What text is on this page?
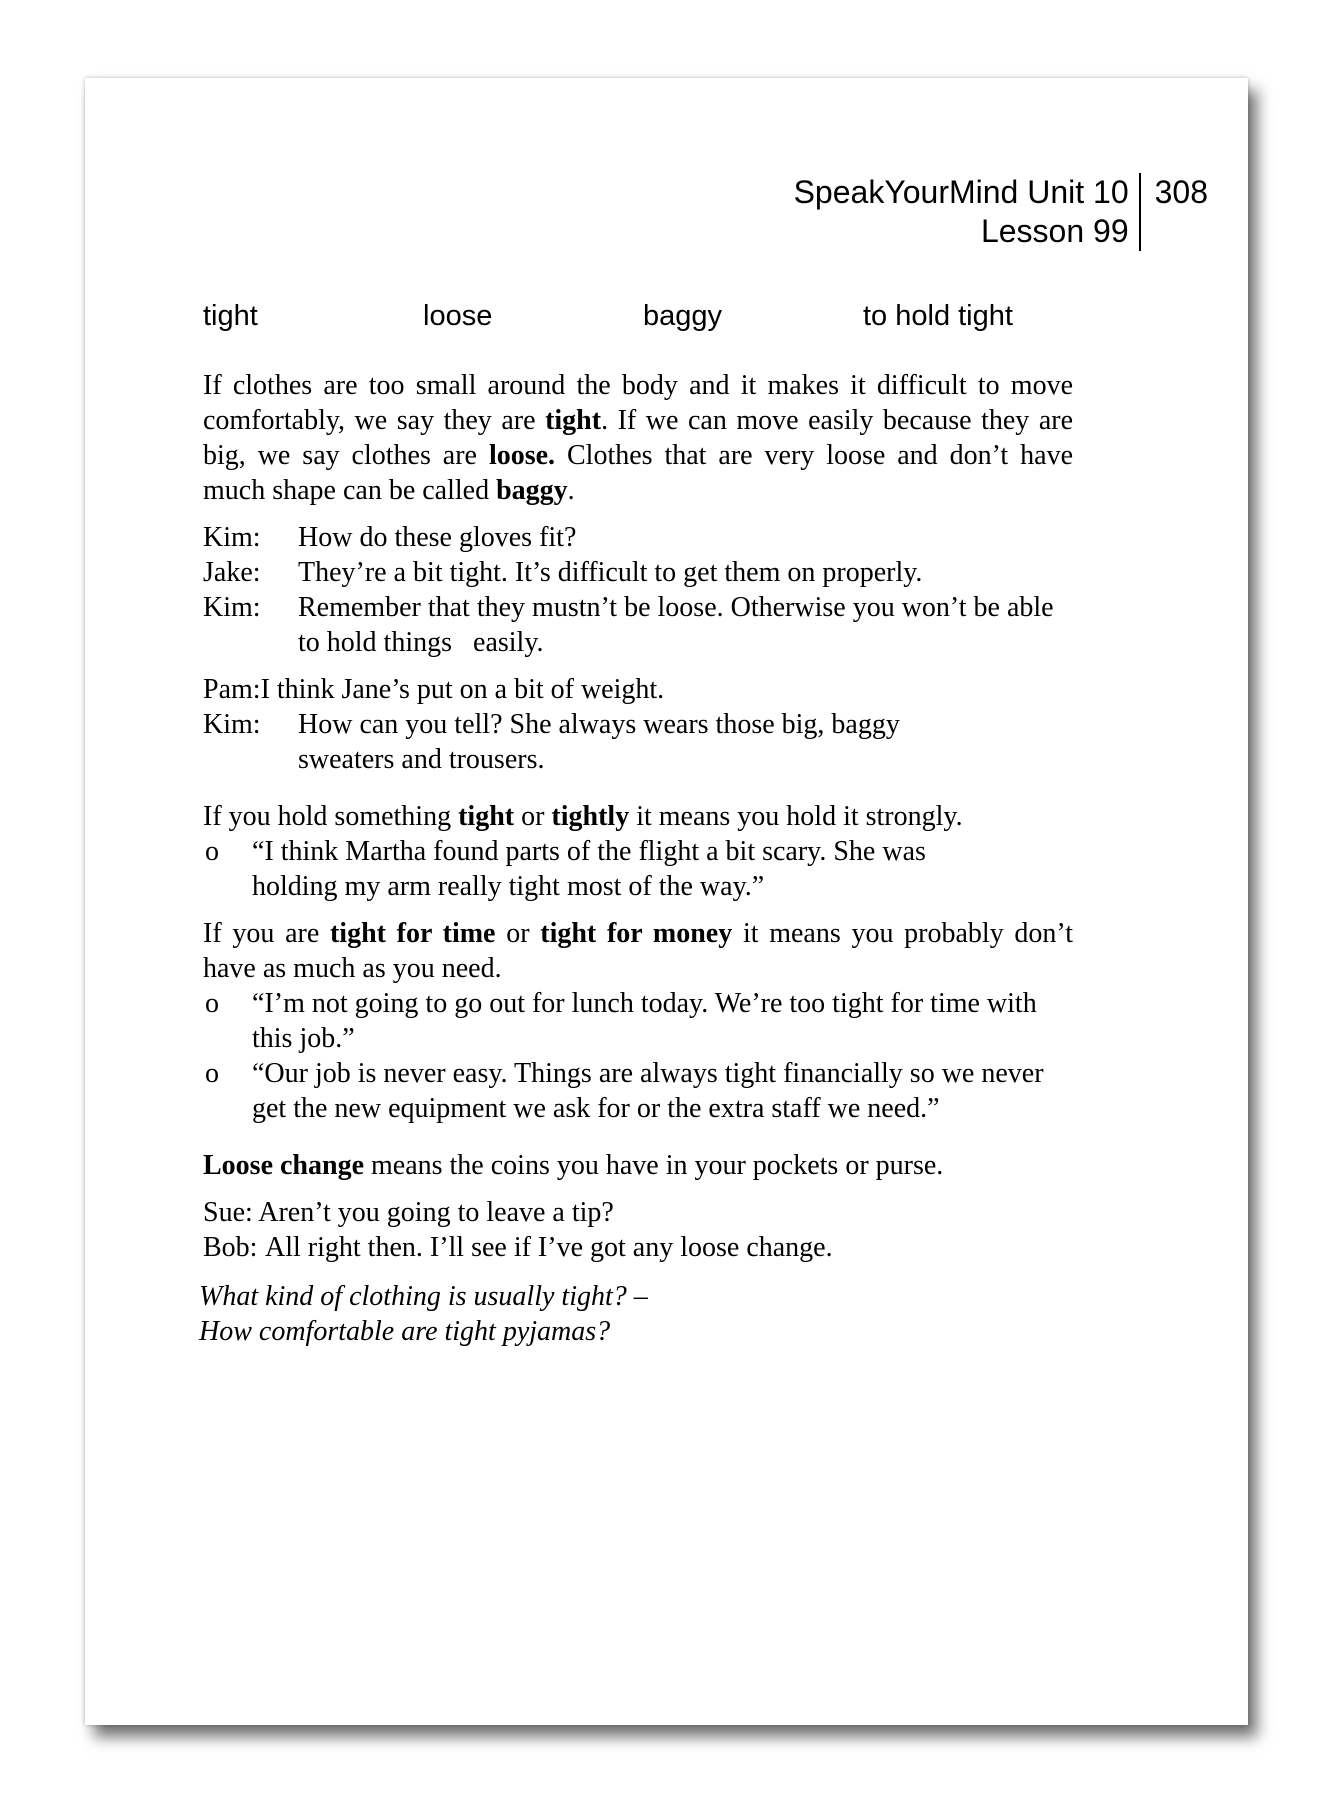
SpeakYourMind Unit 10
Lesson 99
308
tight	loose	baggy	to hold tight

If clothes are too small around the body and it makes it difficult to move comfortably, we say they are tight. If we can move easily because they are big, we say clothes are loose. Clothes that are very loose and don’t have much shape can be called baggy.

Kim:	How do these gloves fit?
Jake:	They’re a bit tight. It’s difficult to get them on properly.
Kim:	Remember that they mustn’t be loose. Otherwise you won’t be able to hold things   easily.
Pam: I think Jane’s put on a bit of weight.
Kim:	How can you tell? She always wears those big, baggy sweaters and trousers.

If you hold something tight or tightly it means you hold it strongly.

o	“I think Martha found parts of the flight a bit scary. She was holding my arm really tight most of the way.”

If you are tight for time or tight for money it means you probably don’t have as much as you need.

o	“I’m not going to go out for lunch today. We’re too tight for time with this job.”
o	“Our job is never easy. Things are always tight financially so we never get the new equipment we ask for or the extra staff we need.”

Loose change means the coins you have in your pockets or purse.

Sue: Aren’t you going to leave a tip?
Bob: All right then. I’ll see if I’ve got any loose change.
What kind of clothing is usually tight? –
How comfortable are tight pyjamas?
